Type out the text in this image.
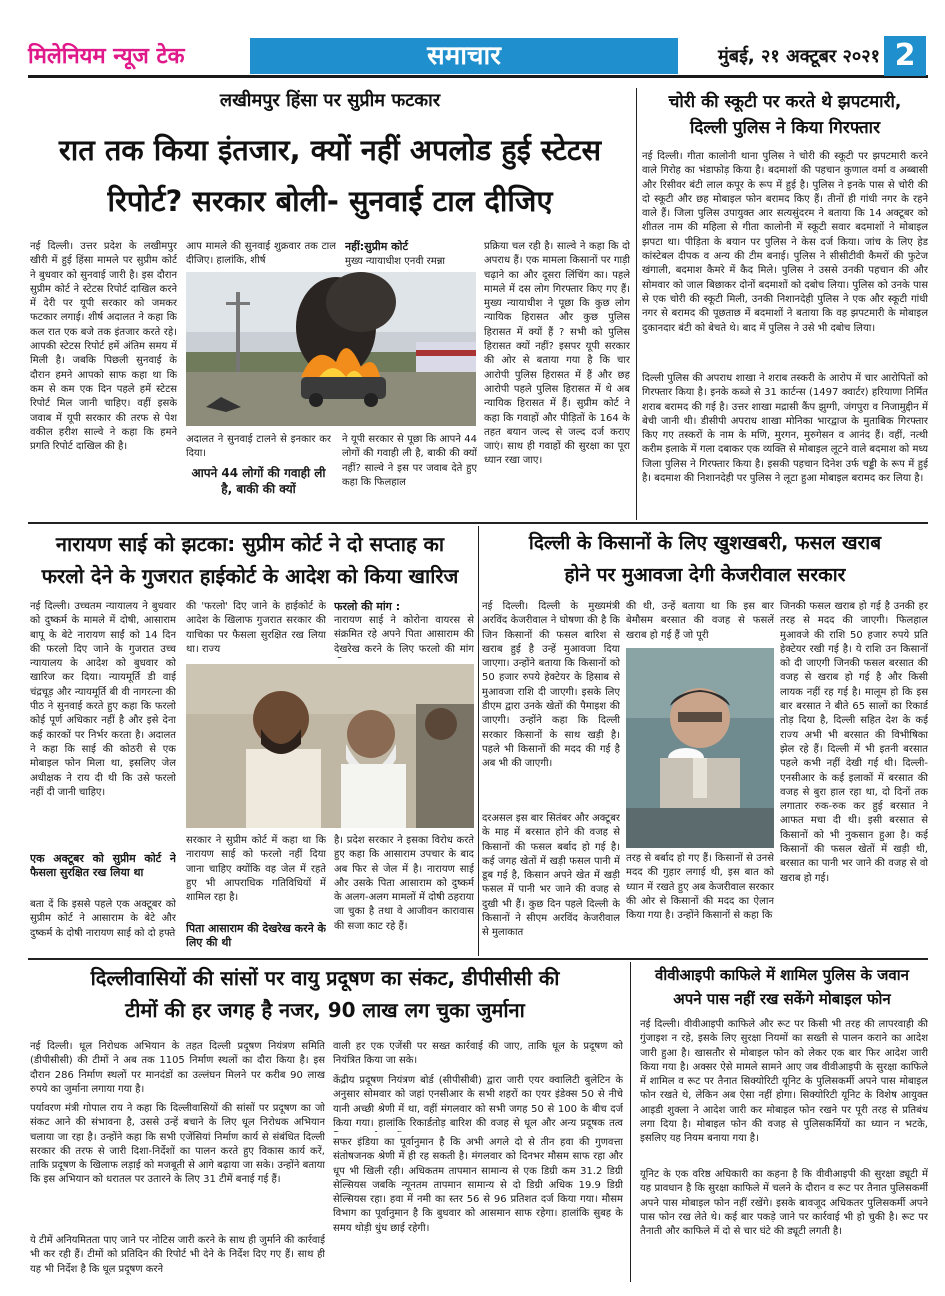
मिलेनियम न्यूज टेक	समाचार	मुंबई, २१ अक्टूबर २०२१ 2
लखीमपुर हिंसा पर सुप्रीम फटकार
रात तक किया इंतजार, क्यों नहीं अपलोड हुई स्टेटस
रिपोर्ट? सरकार बोली- सुनवाई टाल दीजिए
नई दिल्ली। उत्तर प्रदेश के लखीमपुर खीरी में हुई हिंसा मामले पर सुप्रीम कोर्ट ने बुधवार को सुनवाई जारी है। इस दौरान सुप्रीम कोर्ट ने स्टेटस रिपोर्ट दाखिल करने में देरी पर यूपी सरकार को जमकर फटकार लगाई। शीर्ष अदालत ने कहा कि कल रात एक बजे तक इंतजार करते रहे। आपकी स्टेटस रिपोर्ट हमें अंतिम समय में मिली है। जबकि पिछली सुनवाई के दौरान हमने आपको साफ कहा था कि कम से कम एक दिन पहले हमें स्टेटस रिपोर्ट मिल जानी चाहिए। वहीं इसके जवाब में यूपी सरकार की तरफ से पेश वकील हरीश साल्वे ने कहा कि हमने प्रगति रिपोर्ट दाखिल की है।
आप मामले की सुनवाई शुक्रवार तक टाल दीजिए। हालांकि, शीर्ष
नहीं:सुप्रीम कोर्ट
मुख्य न्यायाधीश एनवी रमन्ना
अदालत ने सुनवाई टालने से इनकार कर दिया।
आपने 44 लोगों की गवाही ली है, बाकी की क्यों
ने यूपी सरकार से पूछा कि आपने 44 लोगों की गवाही ली है, बाकी की क्यों नहीं? साल्वे ने इस पर जवाब देते हुए कहा कि फिलहाल
प्रक्रिया चल रही है। साल्वे ने कहा कि दो अपराध हैं। एक मामला किसानों पर गाड़ी चढ़ाने का और दूसरा लिंचिंग का। पहले मामले में दस लोग गिरफ्तार किए गए हैं। मुख्य न्यायाधीश ने पूछा कि कुछ लोग न्यायिक हिरासत और कुछ पुलिस हिरासत में क्यों हैं ? सभी को पुलिस हिरासत क्यों नहीं? इसपर यूपी सरकार की ओर से बताया गया है कि चार आरोपी पुलिस हिरासत में हैं और छह आरोपी पहले पुलिस हिरासत में थे अब न्यायिक हिरासत में हैं। सुप्रीम कोर्ट ने कहा कि गवाहों और पीड़ितों के 164 के तहत बयान जल्द से जल्द दर्ज कराए जाएं। साथ ही गवाहों की सुरक्षा का पूरा ध्यान रखा जाए।
चोरी की स्कूटी पर करते थे झपटमारी,
दिल्ली पुलिस ने किया गिरफ्तार
नई दिल्ली। गीता कालोनी थाना पुलिस ने चोरी की स्कूटी पर झपटमारी करने वाले गिरोह का भंडाफोड़ किया है। बदमाशों की पहचान कुणाल वर्मा व अब्बासी और रिसीवर बंटी लाल कपूर के रूप में हुई है। पुलिस ने इनके पास से चोरी की दो स्कूटी और छह मोबाइल फोन बरामद किए हैं। तीनों ही गांधी नगर के रहने वाले हैं। जिला पुलिस उपायुक्त आर सत्यसुंदरम ने बताया कि 14 अक्टूबर को शीतल नाम की महिला से गीता कालोनी में स्कूटी सवार बदमाशों ने मोबाइल झपटा था। पीड़िता के बयान पर पुलिस ने केस दर्ज किया। जांच के लिए हेड कांस्टेबल दीपक व अन्य की टीम बनाई। पुलिस ने सीसीटीवी कैमरों की फुटेज खंगाली, बदमाश कैमरे में कैद मिले। पुलिस ने उससे उनकी पहचान की और सोमवार को जाल बिछाकर दोनों बदमाशों को दबोच लिया। पुलिस को उनके पास से एक चोरी की स्कूटी मिली, उनकी निशानदेही पुलिस ने एक और स्कूटी गांधी नगर से बरामद की पूछताछ में बदमाशों ने बताया कि वह झपटमारी के मोबाइल दुकानदार बंटी को बेचते थे। बाद में पुलिस ने उसे भी दबोच लिया।
दिल्ली पुलिस की अपराध शाखा ने शराब तस्करी के आरोप में चार आरोपितों को गिरफ्तार किया है। इनके कब्जे से 31 कार्टन्स (1497 क्वार्टर) हरियाणा निर्मित शराब बरामद की गई है। उत्तर शाखा मद्रासी कैंप झुग्गी, जंगपुरा व निजामुद्दीन में बेची जानी थी। डीसीपी अपराध शाखा मोनिका भारद्वाज के मुताबिक गिरफ्तार किए गए तस्करों के नाम के मणि, मुरगन, मुरुगेसन व आनंद हैं। वहीं, नत्थी करीम इलाके में गला दबाकर एक व्यक्ति से मोबाइल लूटने वाले बदमाश को मध्य जिला पुलिस ने गिरफ्तार किया है। इसकी पहचान दिनेश उर्फ चड्डी के रूप में हुई है। बदमाश की निशानदेही पर पुलिस ने लूटा हुआ मोबाइल बरामद कर लिया है।
नारायण साई को झटका: सुप्रीम कोर्ट ने दो सप्ताह का
फरलो देने के गुजरात हाईकोर्ट के आदेश को किया खारिज
नई दिल्ली। उच्चतम न्यायालय ने बुधवार को दुष्कर्म के मामले में दोषी, आसाराम बापू के बेटे नारायण साईं को 14 दिन की फरलो दिए जाने के गुजरात उच्च न्यायालय के आदेश को बुधवार को खारिज कर दिया। न्यायमूर्ति डी वाई चंद्रचूड़ और न्यायमूर्ति बी वी नागरत्ना की पीठ ने सुनवाई करते हुए कहा कि फरलो कोई पूर्ण अधिकार नहीं है और इसे देना कई कारकों पर निर्भर करता है। अदालत ने कहा कि साई की कोठरी से एक मोबाइल फोन मिला था, इसलिए जेल अधीक्षक ने राय दी थी कि उसे फरलो नहीं दी जानी चाहिए।
एक अक्टूबर को सुप्रीम कोर्ट ने फैसला सुरक्षित रख लिया था
बता दें कि इससे पहले एक अक्टूबर को सुप्रीम कोर्ट ने आसाराम के बेटे और दुष्कर्म के दोषी नारायण साई को दो हफ्ते
की 'फरलो' दिए जाने के हाईकोर्ट के आदेश के खिलाफ गुजरात सरकार की याचिका पर फैसला सुरक्षित रख लिया था। राज्य
फरलो की मांग :
नारायण साई ने कोरोना वायरस से संक्रमित रहे अपने पिता आसाराम की देखरेख करने के लिए फरलो की मांग
सरकार ने सुप्रीम कोर्ट में कहा था कि नारायण साई को फरलो नहीं दिया जाना चाहिए क्योंकि वह जेल में रहते हुए भी आपराधिक गतिविधियों में शामिल रहा है।
पिता आसाराम की देखरेख करने के लिए की थी
है। प्रदेश सरकार ने इसका विरोध करते हुए कहा कि आसाराम उपचार के बाद अब फिर से जेल में है। नारायण साई और उसके पिता आसाराम को दुष्कर्म के अलग-अलग मामलों में दोषी ठहराया जा चुका है तथा वे आजीवन कारावास की सजा काट रहे हैं।
दिल्ली के किसानों के लिए खुशखबरी, फसल खराब
होने पर मुआवजा देगी केजरीवाल सरकार
नई दिल्ली। दिल्ली के मुख्यमंत्री अरविंद केजरीवाल ने घोषणा की है कि जिन किसानों की फसल बारिश से खराब हुई है उन्हें मुआवजा दिया जाएगा। उन्होंने बताया कि किसानों को 50 हजार रुपये हेक्टेयर के हिसाब से मुआवजा राशि दी जाएगी। इसके लिए डीएम द्वारा उनके खेतों की पैमाइश की जाएगी। उन्होंने कहा कि दिल्ली सरकार किसानों के साथ खड़ी है। पहले भी किसानों की मदद की गई है अब भी की जाएगी।
दरअसल इस बार सितंबर और अक्टूबर के माह में बरसात होने की वजह से किसानों की फसल बर्बाद हो गई है। कई जगह खेतों में खड़ी फसल पानी में डूब गई है, किसान अपने खेत में खड़ी फसल में पानी भर जाने की वजह से दुखी भी हैं। कुछ दिन पहले दिल्ली के किसानों ने सीएम अरविंद केजरीवाल से मुलाकात
की थी, उन्हें बताया था कि इस बार बेमौसम बरसात की वजह से फसलें खराब हो गई हैं जो पूरी
तरह से बर्बाद हो गए हैं। किसानों से उनसे मदद की गुहार लगाई थी, इस बात को ध्यान में रखते हुए अब केजरीवाल सरकार की ओर से किसानों की मदद का ऐलान किया गया है। उन्होंने किसानों से कहा कि
जिनकी फसल खराब हो गई है उनकी हर तरह से मदद की जाएगी। फिलहाल मुआवजे की राशि 50 हजार रुपये प्रति हेक्टेयर रखी गई है। ये राशि उन किसानों को दी जाएगी जिनकी फसल बरसात की वजह से खराब हो गई है और किसी लायक नहीं रह गई है। मालूम हो कि इस बार बरसात ने बीते 65 सालों का रिकार्ड तोड़ दिया है, दिल्ली सहित देश के कई राज्य अभी भी बरसात की विभीषिका झेल रहे हैं। दिल्ली में भी इतनी बरसात पहले कभी नहीं देखी गई थी। दिल्ली-एनसीआर के कई इलाकों में बरसात की वजह से बुरा हाल रहा था, दो दिनों तक लगातार रुक-रुक कर हुई बरसात ने आफत मचा दी थी। इसी बरसात से किसानों को भी नुकसान हुआ है। कई किसानों की फसल खेतों में खड़ी थी, बरसात का पानी भर जाने की वजह से वो खराब हो गई।
दिल्लीवासियों की सांसों पर वायु प्रदूषण का संकट, डीपीसीसी की
टीमों की हर जगह है नजर, 90 लाख लग चुका जुर्माना
नई दिल्ली। धूल निरोधक अभियान के तहत दिल्ली प्रदूषण नियंत्रण समिति (डीपीसीसी) की टीमों ने अब तक 1105 निर्माण स्थलों का दौरा किया है। इस दौरान 286 निर्माण स्थलों पर मानदंडों का उल्लंघन मिलने पर करीब 90 लाख रुपये का जुर्माना लगाया गया है।
पर्यावरण मंत्री गोपाल राय ने कहा कि दिल्लीवासियों की सांसों पर प्रदूषण का जो संकट आने की संभावना है, उससे उन्हें बचाने के लिए धूल निरोधक अभियान चलाया जा रहा है। उन्होंने कहा कि सभी एजेंसियां निर्माण कार्य से संबंधित दिल्ली सरकार की तरफ से जारी दिशा-निर्देशों का पालन करते हुए विकास कार्य करें, ताकि प्रदूषण के खिलाफ लड़ाई को मजबूती से आगे बढ़ाया जा सके। उन्होंने बताया कि इस अभियान को धरातल पर उतारने के लिए 31 टीमें बनाई गई हैं।
ये टीमें अनियमितता पाए जाने पर नोटिस जारी करने के साथ ही जुर्माने की कार्रवाई भी कर रही हैं। टीमों को प्रतिदिन की रिपोर्ट भी देने के निर्देश दिए गए हैं। साथ ही यह भी निर्देश है कि धूल प्रदूषण करने
वाली हर एक एजेंसी पर सख्त कार्रवाई की जाए, ताकि धूल के प्रदूषण को नियंत्रित किया जा सके।
केंद्रीय प्रदूषण नियंत्रण बोर्ड (सीपीसीबी) द्वारा जारी एयर क्वालिटी बुलेटिन के अनुसार सोमवार को जहां एनसीआर के सभी शहरों का एयर इंडेक्स 50 से नीचे यानी अच्छी श्रेणी में था, वहीं मंगलवार को सभी जगह 50 से 100 के बीच दर्ज किया गया। हालांकि रिकार्डतोड़ बारिश की वजह से धूल और अन्य प्रदूषक तत्व
सफर इंडिया का पूर्वानुमान है कि अभी अगले दो से तीन हवा की गुणवत्ता संतोषजनक श्रेणी में ही रह सकती है। मंगलवार को दिनभर मौसम साफ रहा और धूप भी खिली रही। अधिकतम तापमान सामान्य से एक डिग्री कम 31.2 डिग्री सेल्सियस जबकि न्यूनतम तापमान सामान्य से दो डिग्री अधिक 19.9 डिग्री सेल्सियस रहा। हवा में नमी का स्तर 56 से 96 प्रतिशत दर्ज किया गया। मौसम विभाग का पूर्वानुमान है कि बुधवार को आसमान साफ रहेगा। हालांकि सुबह के समय थोड़ी धुंध छाई रहेगी।
वीवीआइपी काफिले में शामिल पुलिस के जवान
अपने पास नहीं रख सकेंगे मोबाइल फोन
नई दिल्ली। वीवीआइपी काफिले और रूट पर किसी भी तरह की लापरवाही की गुंजाइश न रहे, इसके लिए सुरक्षा नियमों का सख्ती से पालन कराने का आदेश जारी हुआ है। खासतौर से मोबाइल फोन को लेकर एक बार फिर आदेश जारी किया गया है। अक्सर ऐसे मामले सामने आए जब वीवीआइपी के सुरक्षा काफिले में शामिल व रूट पर तैनात सिक्योरिटी यूनिट के पुलिसकर्मी अपने पास मोबाइल फोन रखते थे, लेकिन अब ऐसा नहीं होगा। सिक्योरिटी यूनिट के विशेष आयुक्त आइडी शुक्ला ने आदेश जारी कर मोबाइल फोन रखने पर पूरी तरह से प्रतिबंध लगा दिया है। मोबाइल फोन की वजह से पुलिसकर्मियों का ध्यान न भटके, इसलिए यह नियम बनाया गया है।
यूनिट के एक वरिष्ठ अधिकारी का कहना है कि वीवीआइपी की सुरक्षा ड्यूटी में यह प्रावधान है कि सुरक्षा काफिले में चलने के दौरान व रूट पर तैनात पुलिसकर्मी अपने पास मोबाइल फोन नहीं रखेंगे। इसके बावजूद अधिकतर पुलिसकर्मी अपने पास फोन रख लेते थे। कई बार पकड़े जाने पर कार्रवाई भी हो चुकी है। रूट पर तैनाती और काफिले में दो से चार घंटे की ड्यूटी लगती है।
